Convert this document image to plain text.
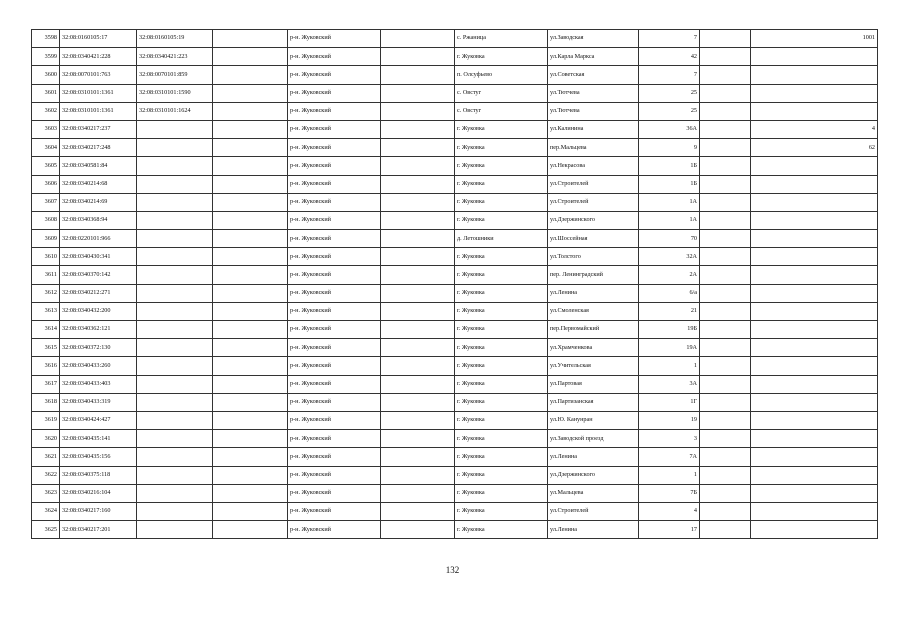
3598	32:08:0160105:17	32:08:0160105:19		р-н. Жуковский		с. Ржаница	ул.Заводская	7		1001
3599	32:08:0340421:228	32:08:0340421:223		р-н. Жуковский		г. Жуковка	ул.Карла Маркса	42		
3600	32:08:0070101:763	32:08:0070101:859		р-н. Жуковский		п. Олсуфьево	ул.Советская	7		
3601	32:08:0310101:1361	32:08:0310101:1590		р-н. Жуковский		с. Овстуг	ул.Тютчева	25		
3602	32:08:0310101:1361	32:08:0310101:1624		р-н. Жуковский		с. Овстуг	ул.Тютчева	25		
3603	32:08:0340217:237			р-н. Жуковский		г. Жуковка	ул.Калинина	36А		4
3604	32:08:0340217:248			р-н. Жуковский		г. Жуковка	пер.Мальцева	9		62
3605	32:08:0340581:84			р-н. Жуковский		г. Жуковка	ул.Некрасова	1Б		
3606	32:08:0340214:68			р-н. Жуковский		г. Жуковка	ул.Строителей	1Б		
3607	32:08:0340214:69			р-н. Жуковский		г. Жуковка	ул.Строителей	1А		
3608	32:08:0340368:94			р-н. Жуковский		г. Жуковка	ул.Дзержинского	1А		
3609	32:08:0220101:966			р-н. Жуковский		д. Летошники	ул.Шоссейная	70		
3610	32:08:0340430:341			р-н. Жуковский		г. Жуковка	ул.Толстого	32А		
3611	32:08:0340370:142			р-н. Жуковский		г. Жуковка	пер. Ленинградский	2А		
3612	32:08:0340212:271			р-н. Жуковский		г. Жуковка	ул.Ленина	6/a		
3613	32:08:0340432:200			р-н. Жуковский		г. Жуковка	ул.Смоленская	21		
3614	32:08:0340362:121			р-н. Жуковский		г. Жуковка	пер.Первомайский	19Б		
3615	32:08:0340372:130			р-н. Жуковский		г. Жуковка	ул.Храмченкова	19А		
3616	32:08:0340433:260			р-н. Жуковский		г. Жуковка	ул.Учительская	1		
3617	32:08:0340433:403			р-н. Жуковский		г. Жуковка	ул.Партовая	3А		
3618	32:08:0340433:319			р-н. Жуковский		г. Жуковка	ул.Партизанская	1Г		
3619	32:08:0340424:427			р-н. Жуковский		г. Жуковка	ул.Ю. Канунран	19		
3620	32:08:0340435:141			р-н. Жуковский		г. Жуковка	ул.Заводской проезд	3		
3621	32:08:0340435:156			р-н. Жуковский		г. Жуковка	ул.Ленина	7А		
3622	32:08:0340375:118			р-н. Жуковский		г. Жуковка	ул.Дзержинского	1		
3623	32:08:0340216:104			р-н. Жуковский		г. Жуковка	ул.Мальцева	7Б		
3624	32:08:0340217:160			р-н. Жуковский		г. Жуковка	ул.Строителей	4		
3625	32:08:0340217:201			р-н. Жуковский		г. Жуковка	ул.Ленина	17		
132
